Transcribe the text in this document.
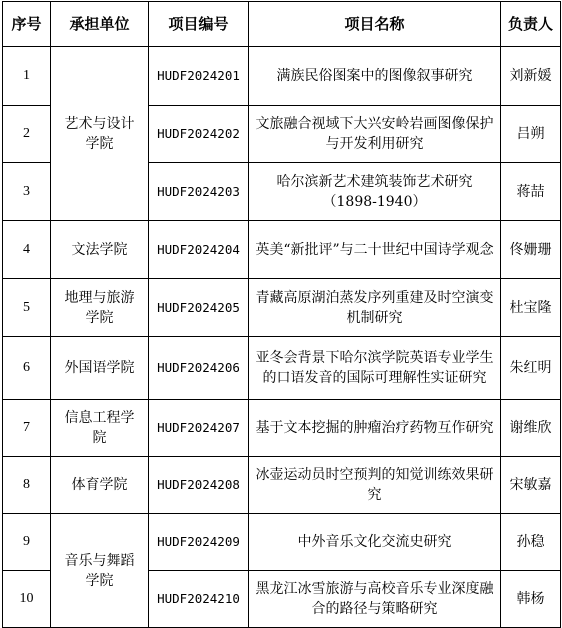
序号	承担单位	项目编号	项目名称	负责人
1	艺术与设计学院	HUDF2024201	满族民俗图案中的图像叙事研究	刘新媛
2		HUDF2024202	文旅融合视域下大兴安岭岩画图像保护与开发利用研究	吕朔
3		HUDF2024203	哈尔滨新艺术建筑装饰艺术研究（1898-1940）	蒋喆
4	文法学院	HUDF2024204	英美“新批评”与二十世纪中国诗学观念	佟姗珊
5	地理与旅游学院	HUDF2024205	青藏高原湖泊蒸发序列重建及时空演变机制研究	杜宝隆
6	外国语学院	HUDF2024206	亚冬会背景下哈尔滨学院英语专业学生的口语发音的国际可理解性实证研究	朱红明
7	信息工程学院	HUDF2024207	基于文本挖掘的肿瘤治疗药物互作研究	谢维欣
8	体育学院	HUDF2024208	冰壶运动员时空预判的知觉训练效果研究	宋敏嘉
9	音乐与舞蹈学院	HUDF2024209	中外音乐文化交流史研究	孙稳
10		HUDF2024210	黑龙江冰雪旅游与高校音乐专业深度融合的路径与策略研究	韩杨
